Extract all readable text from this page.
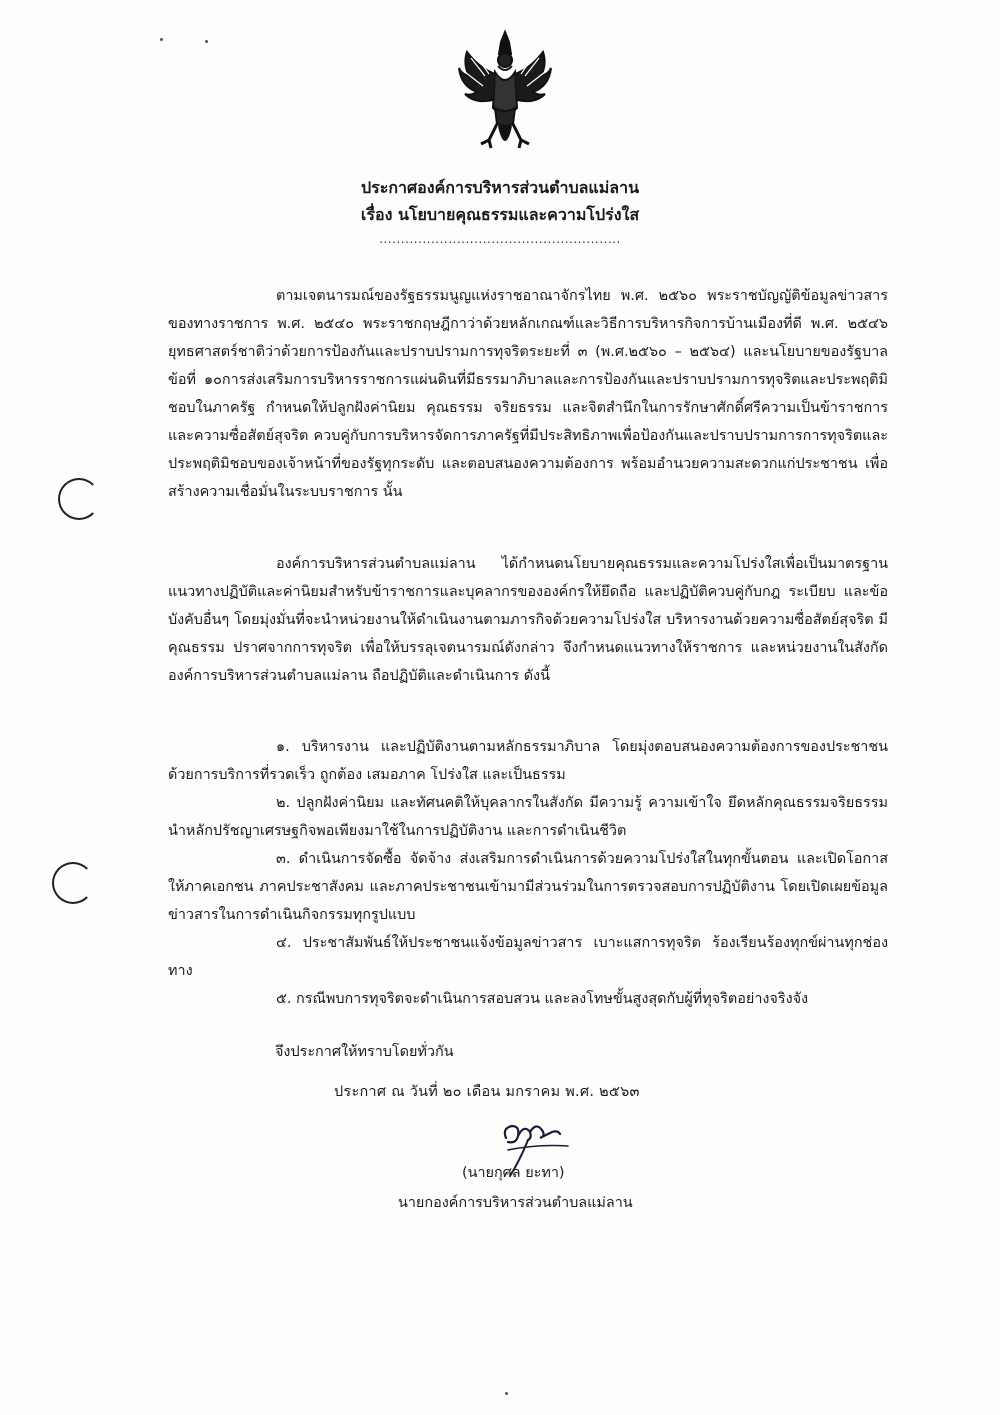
ประกาศองค์การบริหารส่วนตำบลแม่ลาน
เรื่อง นโยบายคุณธรรมและความโปร่งใส
........................................................

ตามเจตนารมณ์ของรัฐธรรมนูญแห่งราชอาณาจักรไทย พ.ศ. ๒๕๖๐ พระราชบัญญัติข้อมูลข่าวสารของทางราชการ พ.ศ. ๒๕๔๐ พระราชกฤษฎีกาว่าด้วยหลักเกณฑ์และวิธีการบริหารกิจการบ้านเมืองที่ดี พ.ศ. ๒๕๔๖ ยุทธศาสตร์ชาติว่าด้วยการป้องกันและปราบปรามการทุจริตระยะที่ ๓ (พ.ศ.๒๕๖๐ – ๒๕๖๔) และนโยบายของรัฐบาล ข้อที่ ๑๐การส่งเสริมการบริหารราชการแผ่นดินที่มีธรรมาภิบาลและการป้องกันและปราบปรามการทุจริตและประพฤติมิชอบในภาครัฐ กำหนดให้ปลูกฝังค่านิยม คุณธรรม จริยธรรม และจิตสำนึกในการรักษาศักดิ์ศรีความเป็นข้าราชการและความซื่อสัตย์สุจริต ควบคู่กับการบริหารจัดการภาครัฐที่มีประสิทธิภาพเพื่อป้องกันและปราบปรามการการทุจริตและประพฤติมิชอบของเจ้าหน้าที่ของรัฐทุกระดับ และตอบสนองความต้องการ พร้อมอำนวยความสะดวกแก่ประชาชน เพื่อสร้างความเชื่อมั่นในระบบราชการ นั้น

องค์การบริหารส่วนตำบลแม่ลาน ได้กำหนดนโยบายคุณธรรมและความโปร่งใสเพื่อเป็นมาตรฐานแนวทางปฏิบัติและค่านิยมสำหรับข้าราชการและบุคลากรขององค์กรให้ยึดถือ และปฏิบัติควบคู่กับกฎ ระเบียบ และข้อบังคับอื่นๆ โดยมุ่งมั่นที่จะนำหน่วยงานให้ดำเนินงานตามภารกิจด้วยความโปร่งใส บริหารงานด้วยความซื่อสัตย์สุจริต มีคุณธรรม ปราศจากการทุจริต เพื่อให้บรรลุเจตนารมณ์ดังกล่าว จึงกำหนดแนวทางให้ราชการ และหน่วยงานในสังกัดองค์การบริหารส่วนตำบลแม่ลาน ถือปฏิบัติและดำเนินการ ดังนี้

๑. บริหารงาน และปฏิบัติงานตามหลักธรรมาภิบาล โดยมุ่งตอบสนองความต้องการของประชาชนด้วยการบริการที่รวดเร็ว ถูกต้อง เสมอภาค โปร่งใส และเป็นธรรม

๒. ปลูกฝังค่านิยม และทัศนคติให้บุคลากรในสังกัด มีความรู้ ความเข้าใจ ยึดหลักคุณธรรมจริยธรรม นำหลักปรัชญาเศรษฐกิจพอเพียงมาใช้ในการปฏิบัติงาน และการดำเนินชีวิต

๓. ดำเนินการจัดซื้อ จัดจ้าง ส่งเสริมการดำเนินการด้วยความโปร่งใสในทุกขั้นตอน และเปิดโอกาสให้ภาคเอกชน ภาคประชาสังคม และภาคประชาชนเข้ามามีส่วนร่วมในการตรวจสอบการปฏิบัติงาน โดยเปิดเผยข้อมูลข่าวสารในการดำเนินกิจกรรมทุกรูปแบบ

๔. ประชาสัมพันธ์ให้ประชาชนแจ้งข้อมูลข่าวสาร เบาะแสการทุจริต ร้องเรียนร้องทุกข์ผ่านทุกช่องทาง

๕. กรณีพบการทุจริตจะดำเนินการสอบสวน และลงโทษขั้นสูงสุดกับผู้ที่ทุจริตอย่างจริงจัง

จึงประกาศให้ทราบโดยทั่วกัน
ประกาศ ณ วันที่ ๒๐ เดือน มกราคม พ.ศ. ๒๕๖๓
(นายกุศล ยะทา)
นายกองค์การบริหารส่วนตำบลแม่ลาน
